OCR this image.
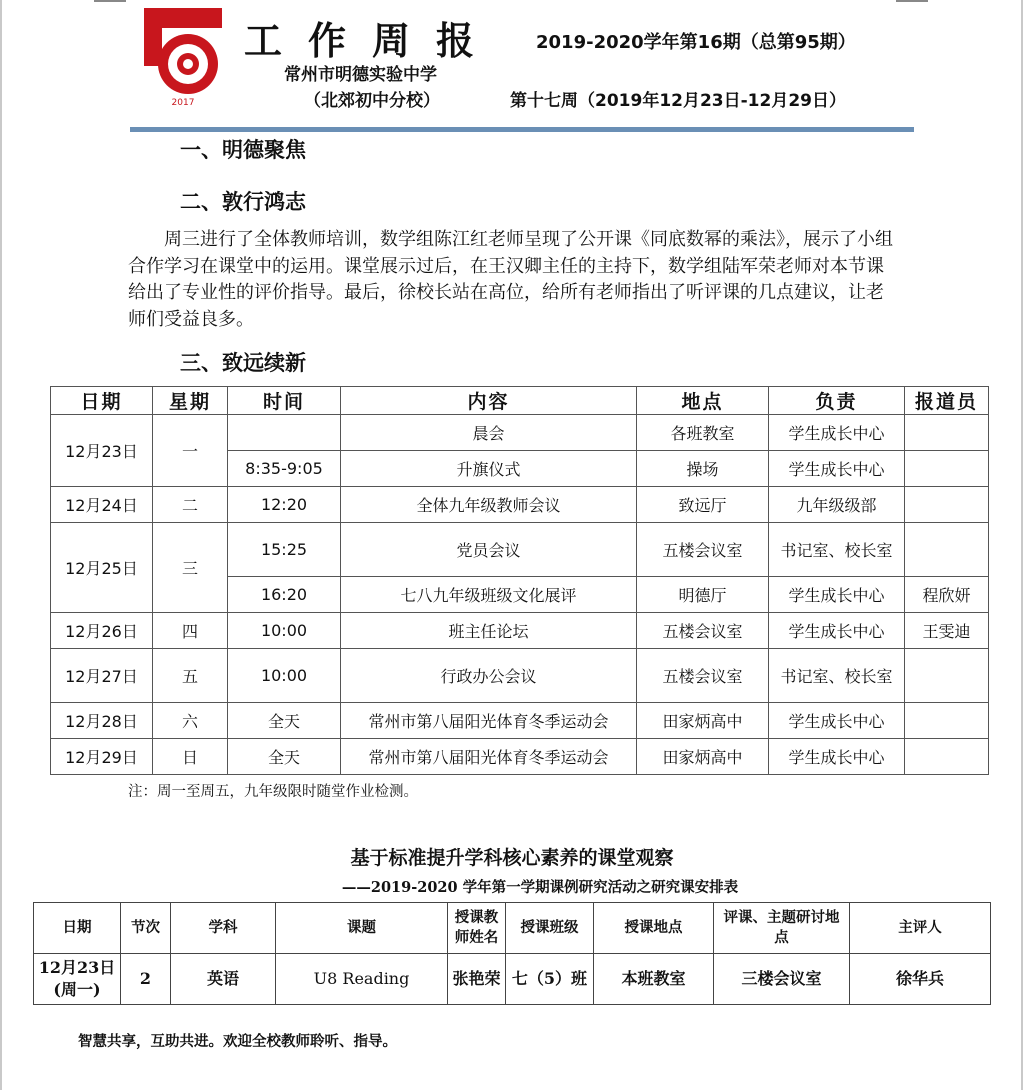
2017
工作周报 2019-2020学年第16期（总第95期）
常州市明德实验中学
（北郊初中分校）	第十七周（2019年12月23日-12月29日）
一、明德聚焦
二、敦行鸿志

周三进行了全体教师培训，数学组陈江红老师呈现了公开课《同底数幂的乘法》，展示了小组合作学习在课堂中的运用。课堂展示过后，在王汉卿主任的主持下，数学组陆军荣老师对本节课给出了专业性的评价指导。最后，徐校长站在高位，给所有老师指出了听评课的几点建议，让老师们受益良多。

三、致远续新
日期	星期	时间	内容	地点	负责	报道员
12月23日	一		晨会	各班教室	学生成长中心	
		8:35-9:05	升旗仪式	操场	学生成长中心	
12月24日	二	12:20	全体九年级教师会议	致远厅	九年级级部	
12月25日	三	15:25	党员会议	五楼会议室	书记室、校长室	
		16:20	七八九年级班级文化展评	明德厅	学生成长中心	程欣妍
12月26日	四	10:00	班主任论坛	五楼会议室	学生成长中心	王雯迪
12月27日	五	10:00	行政办公会议	五楼会议室	书记室、校长室	
12月28日	六	全天	常州市第八届阳光体育冬季运动会	田家炳高中	学生成长中心	
12月29日	日	全天	常州市第八届阳光体育冬季运动会	田家炳高中	学生成长中心	
注：周一至周五，九年级限时随堂作业检测。
基于标准提升学科核心素养的课堂观察
——2019-2020 学年第一学期课例研究活动之研究课安排表
日期	节次	学科	课题	授课教师姓名	授课班级	授课地点	评课、主题研讨地点	主评人

12月23日
(周一)	2	英语	U8 Reading	张艳荣	七（5）班	本班教室	三楼会议室	徐华兵
智慧共享，互助共进。欢迎全校教师聆听、指导。
